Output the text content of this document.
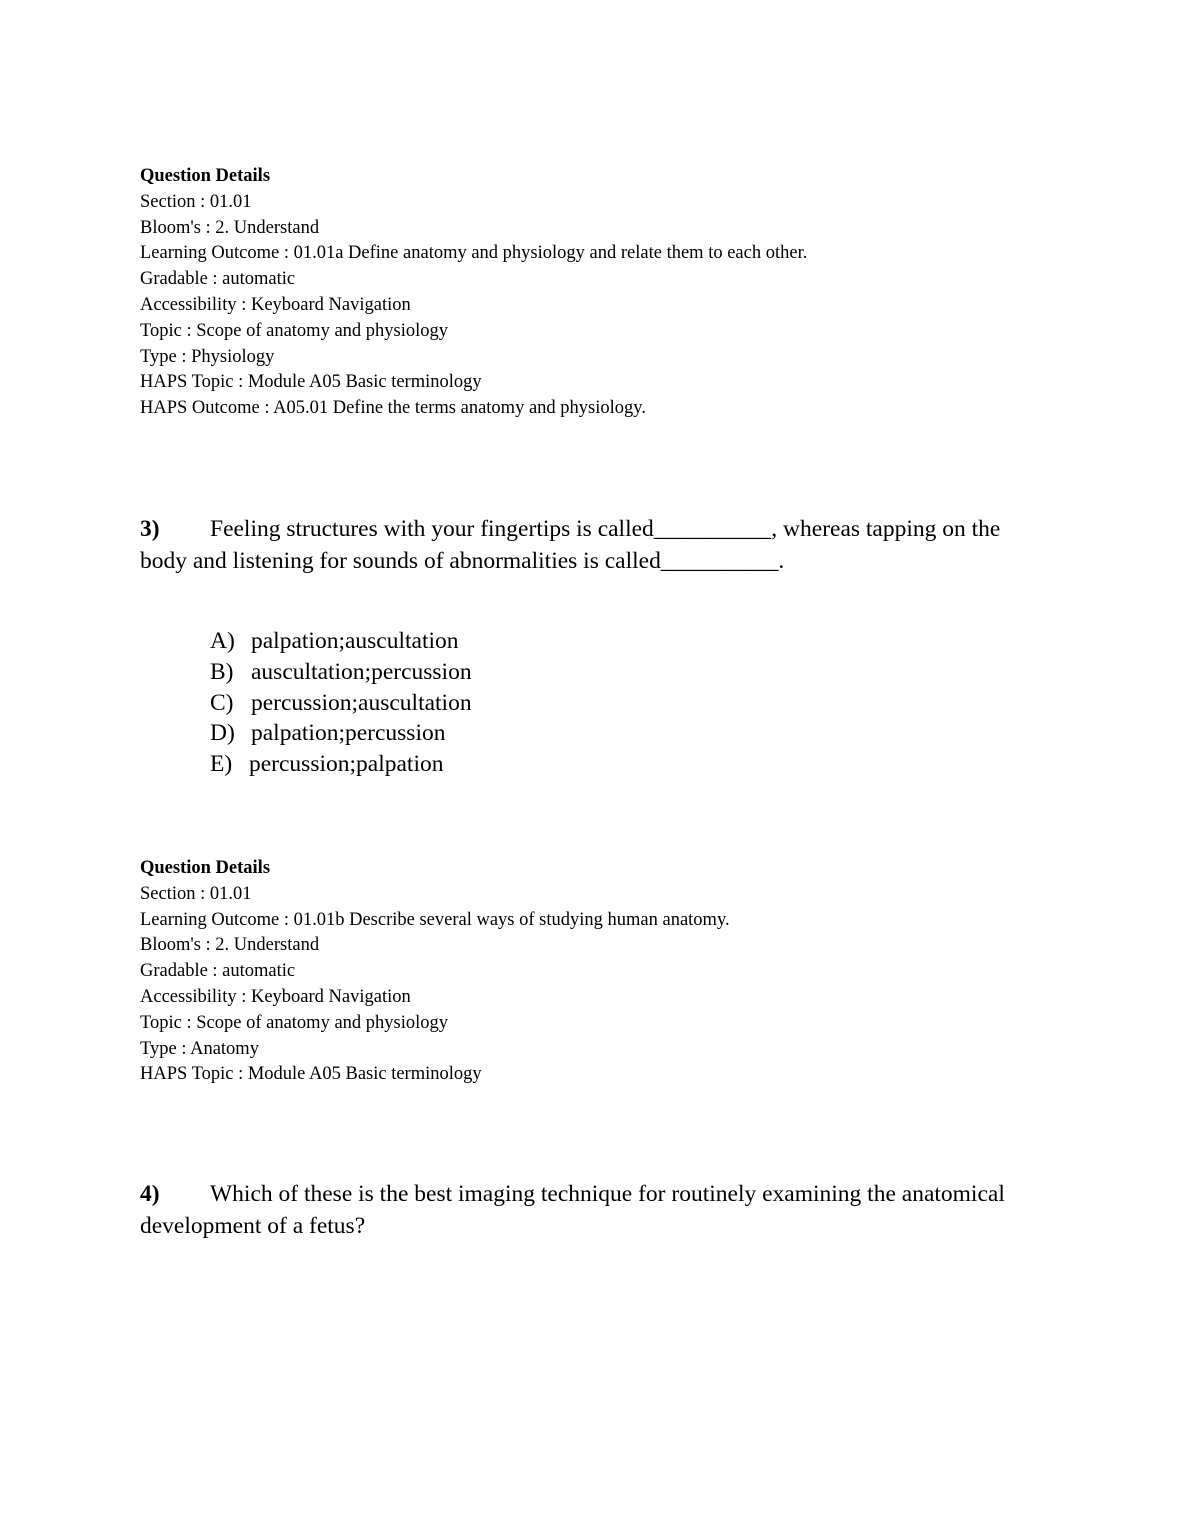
Question Details
Section : 01.01
Bloom's : 2. Understand
Learning Outcome : 01.01a Define anatomy and physiology and relate them to each other.
Gradable : automatic
Accessibility : Keyboard Navigation
Topic : Scope of anatomy and physiology
Type : Physiology
HAPS Topic : Module A05 Basic terminology
HAPS Outcome : A05.01 Define the terms anatomy and physiology.
3) Feeling structures with your fingertips is called__________, whereas tapping on the body and listening for sounds of abnormalities is called__________.
A) palpation;auscultation
B) auscultation;percussion
C) percussion;auscultation
D) palpation;percussion
E) percussion;palpation
Question Details
Section : 01.01
Learning Outcome : 01.01b Describe several ways of studying human anatomy.
Bloom's : 2. Understand
Gradable : automatic
Accessibility : Keyboard Navigation
Topic : Scope of anatomy and physiology
Type : Anatomy
HAPS Topic : Module A05 Basic terminology
4) Which of these is the best imaging technique for routinely examining the anatomical development of a fetus?
